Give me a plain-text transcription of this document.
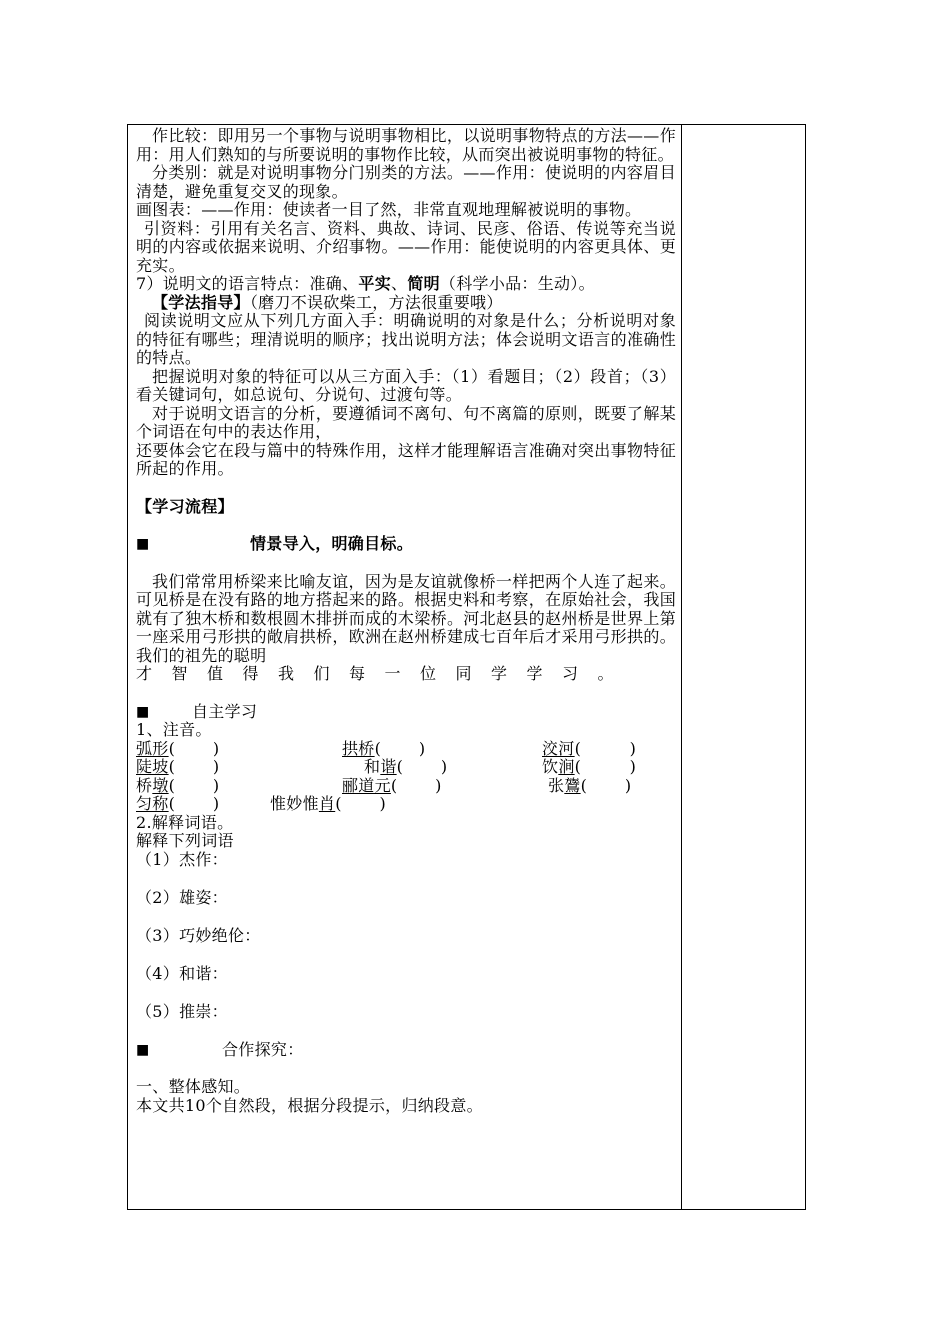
作比较：即用另一个事物与说明事物相比，以说明事物特点的方法——作用：用人们熟知的与所要说明的事物作比较，从而突出被说明事物的特征。

分类别：就是对说明事物分门别类的方法。——作用：使说明的内容眉目清楚，避免重复交叉的现象。

画图表：——作用：使读者一目了然，非常直观地理解被说明的事物。

引资料：引用有关名言、资料、典故、诗词、民彦、俗语、传说等充当说明的内容或依据来说明、介绍事物。——作用：能使说明的内容更具体、更充实。

7）说明文的语言特点：准确、平实、简明（科学小品：生动）。

【学法指导】（磨刀不误砍柴工，方法很重要哦）

阅读说明文应从下列几方面入手：明确说明的对象是什么；分析说明对象的特征有哪些；理清说明的顺序；找出说明方法；体会说明文语言的准确性的特点。

把握说明对象的特征可以从三方面入手：（1）看题目；（2）段首；（3）看关键词句，如总说句、分说句、过渡句等。

对于说明文语言的分析，要遵循词不离句、句不离篇的原则，既要了解某个词语在句中的表达作用，

还要体会它在段与篇中的特殊作用，这样才能理解语言准确对突出事物特征所起的作用。

【学习流程】

■	情景导入，明确目标。

我们常常用桥梁来比喻友谊，因为是友谊就像桥一样把两个人连了起来。可见桥是在没有路的地方搭起来的路。根据史料和考察，在原始社会，我国就有了独木桥和数根圆木排拼而成的木梁桥。河北赵县的赵州桥是世界上第一座采用弓形拱的敞肩拱桥，欧洲在赵州桥建成七百年后才采用弓形拱的。我们的祖先的聪明

才智值得我们每一位同学学习。

■	自主学习

1、注音。

弧形(       )	拱桥(       )	洨河(         )
陡坡(       )	和谐(       )	饮涧(         )
桥墩(       )	郦道元(       )	张鷟(       )
匀称(       )	惟妙惟肖(       )

2.解释词语。

解释下列词语

（1）杰作：

（2）雄姿：

（3）巧妙绝伦：

（4）和谐：

（5）推崇：

■	合作探究：

一、整体感知。

本文共10个自然段，根据分段提示，归纳段意。
